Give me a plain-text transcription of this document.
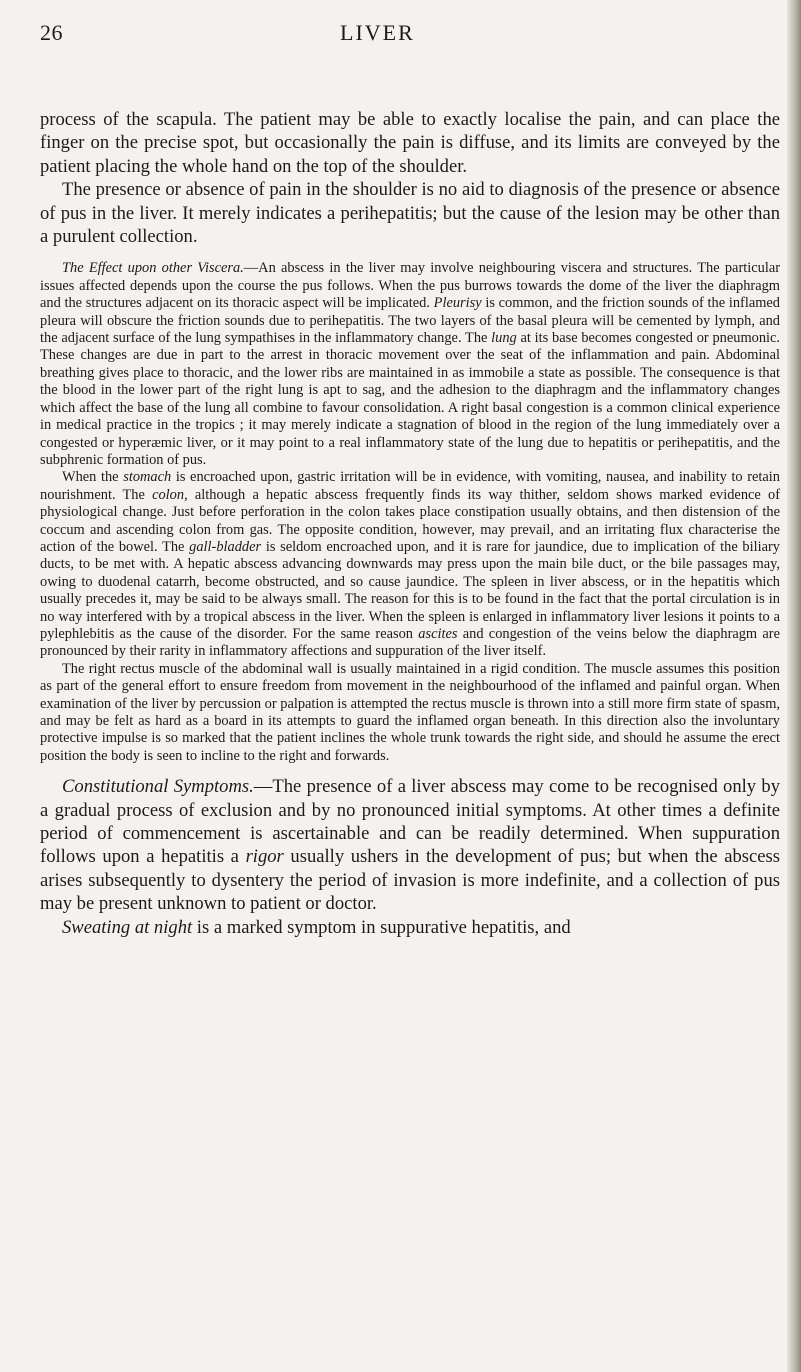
26	LIVER

process of the scapula. The patient may be able to exactly localise the pain, and can place the finger on the precise spot, but occasionally the pain is diffuse, and its limits are conveyed by the patient placing the whole hand on the top of the shoulder.

The presence or absence of pain in the shoulder is no aid to diagnosis of the presence or absence of pus in the liver. It merely indicates a perihepatitis; but the cause of the lesion may be other than a purulent collection.

The Effect upon other Viscera.—An abscess in the liver may involve neighbouring viscera and structures. The particular issues affected depends upon the course the pus follows. When the pus burrows towards the dome of the liver the diaphragm and the structures adjacent on its thoracic aspect will be implicated. Pleurisy is common, and the friction sounds of the inflamed pleura will obscure the friction sounds due to perihepatitis. The two layers of the basal pleura will be cemented by lymph, and the adjacent surface of the lung sympathises in the inflammatory change. The lung at its base becomes congested or pneumonic. These changes are due in part to the arrest in thoracic movement over the seat of the inflammation and pain. Abdominal breathing gives place to thoracic, and the lower ribs are maintained in as immobile a state as possible. The consequence is that the blood in the lower part of the right lung is apt to sag, and the adhesion to the diaphragm and the inflammatory changes which affect the base of the lung all combine to favour consolidation. A right basal congestion is a common clinical experience in medical practice in the tropics ; it may merely indicate a stagnation of blood in the region of the lung immediately over a congested or hyperæmic liver, or it may point to a real inflammatory state of the lung due to hepatitis or perihepatitis, and the subphrenic formation of pus.

When the stomach is encroached upon, gastric irritation will be in evidence, with vomiting, nausea, and inability to retain nourishment. The colon, although a hepatic abscess frequently finds its way thither, seldom shows marked evidence of physiological change. Just before perforation in the colon takes place constipation usually obtains, and then distension of the coccum and ascending colon from gas. The opposite condition, however, may prevail, and an irritating flux characterise the action of the bowel. The gall-bladder is seldom encroached upon, and it is rare for jaundice, due to implication of the biliary ducts, to be met with. A hepatic abscess advancing downwards may press upon the main bile duct, or the bile passages may, owing to duodenal catarrh, become obstructed, and so cause jaundice. The spleen in liver abscess, or in the hepatitis which usually precedes it, may be said to be always small. The reason for this is to be found in the fact that the portal circulation is in no way interfered with by a tropical abscess in the liver. When the spleen is enlarged in inflammatory liver lesions it points to a pylephlebitis as the cause of the disorder. For the same reason ascites and congestion of the veins below the diaphragm are pronounced by their rarity in inflammatory affections and suppuration of the liver itself.

The right rectus muscle of the abdominal wall is usually maintained in a rigid condition. The muscle assumes this position as part of the general effort to ensure freedom from movement in the neighbourhood of the inflamed and painful organ. When examination of the liver by percussion or palpation is attempted the rectus muscle is thrown into a still more firm state of spasm, and may be felt as hard as a board in its attempts to guard the inflamed organ beneath. In this direction also the involuntary protective impulse is so marked that the patient inclines the whole trunk towards the right side, and should he assume the erect position the body is seen to incline to the right and forwards.

Constitutional Symptoms.—The presence of a liver abscess may come to be recognised only by a gradual process of exclusion and by no pronounced initial symptoms. At other times a definite period of commencement is ascertainable and can be readily determined. When suppuration follows upon a hepatitis a rigor usually ushers in the development of pus; but when the abscess arises subsequently to dysentery the period of invasion is more indefinite, and a collection of pus may be present unknown to patient or doctor.

Sweating at night is a marked symptom in suppurative hepatitis, and
